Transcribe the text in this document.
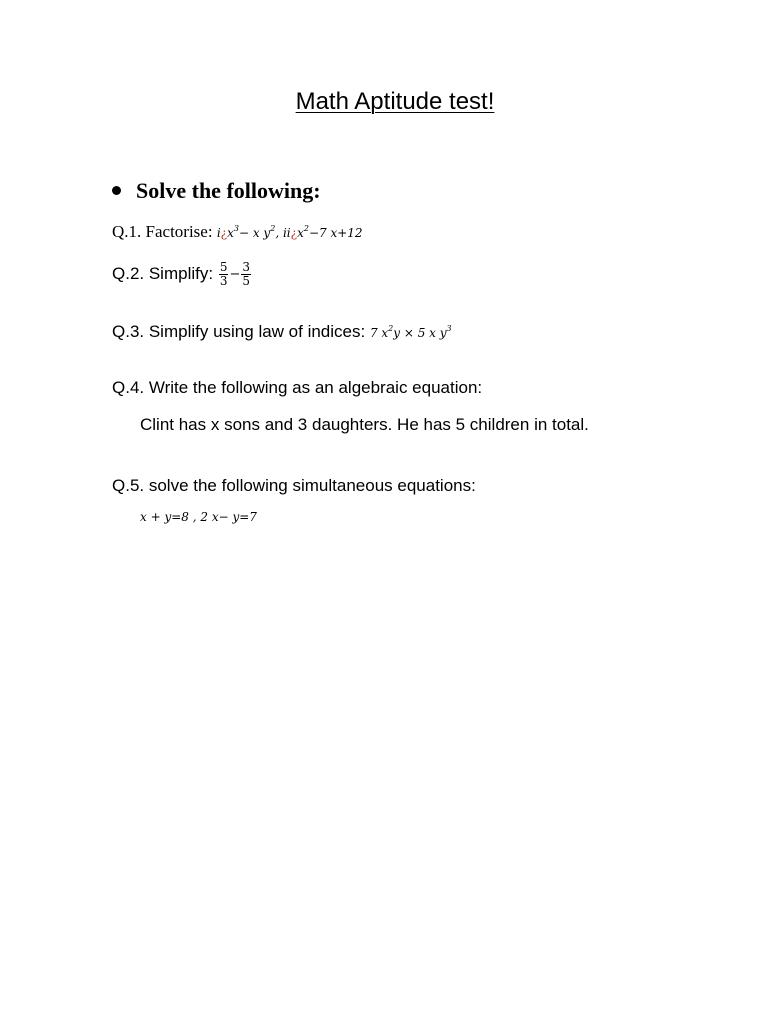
Math Aptitude test!
Solve the following:
Q.1. Factorise: $i¿x^3- x$ $y^2$, $ii¿x^2-7$ x+12
Q.2. Simplify: $\frac{5}{3} - \frac{3}{5}$
Q.3. Simplify using law of indices: 7 $x^2y \times 5$ x $y^3$
Q.4. Write the following as an algebraic equation:
Clint has x sons and 3 daughters. He has 5 children in total.
Q.5. solve the following simultaneous equations:
x + y=8 , 2 x− y=7
